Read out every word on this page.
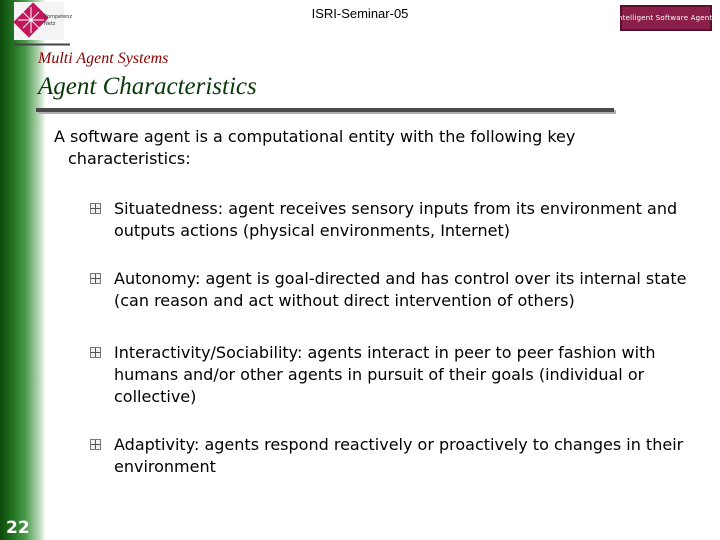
Kompetenz
Netz
Intelligent Software Agents
ISRI-Seminar-05
Multi Agent Systems
Agent Characteristics
A software agent is a computational entity with the following key characteristics:
Situatedness: agent receives sensory inputs from its environment and outputs actions (physical environments, Internet)
Autonomy: agent is goal-directed and has control over its internal state (can reason and act without direct intervention of others)
Interactivity/Sociability: agents interact in peer to peer fashion with humans and/or other agents in pursuit of their goals (individual or collective)
Adaptivity: agents respond reactively or proactively to changes in their environment
22
